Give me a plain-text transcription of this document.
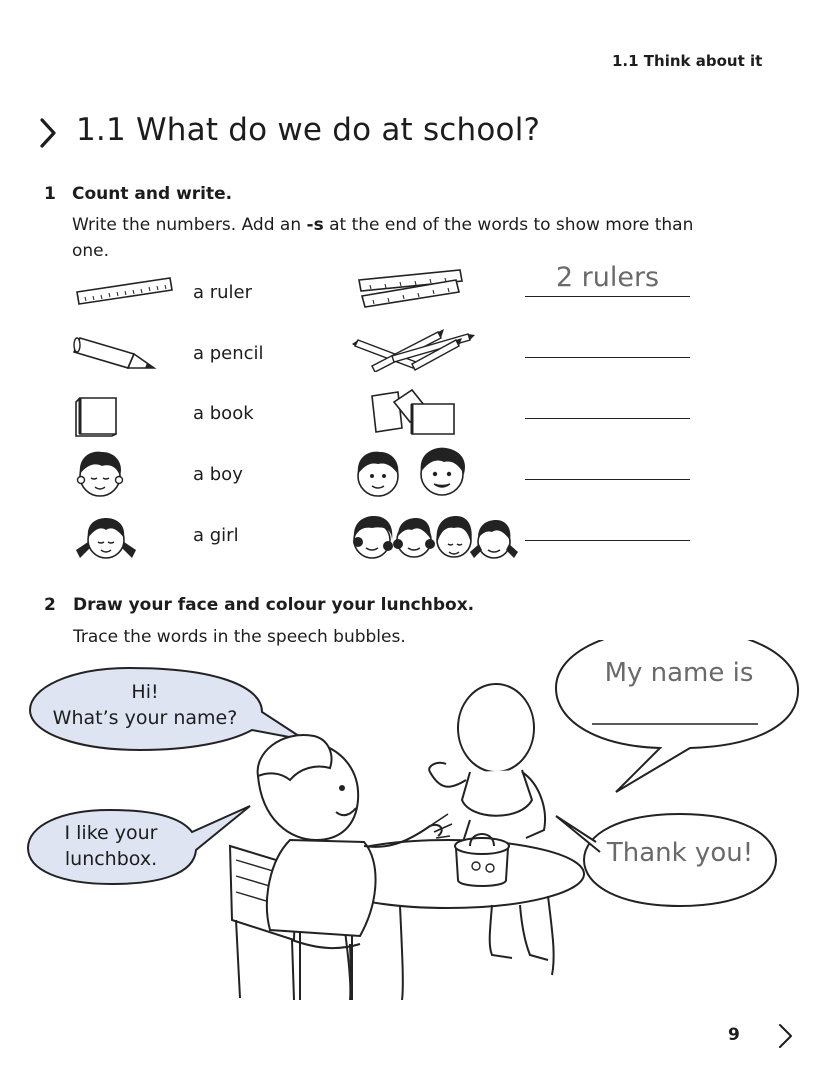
1.1 Think about it
1.1 What do we do at school?
1 Count and write.
Write the numbers. Add an -s at the end of the words to show more than one.
a ruler	2 rulers
a pencil
a book
a boy
a girl
2 Draw your face and colour your lunchbox.
Trace the words in the speech bubbles.
Hi!
What’s your name?
My name is
I like your
lunchbox.	Thank you!
9
